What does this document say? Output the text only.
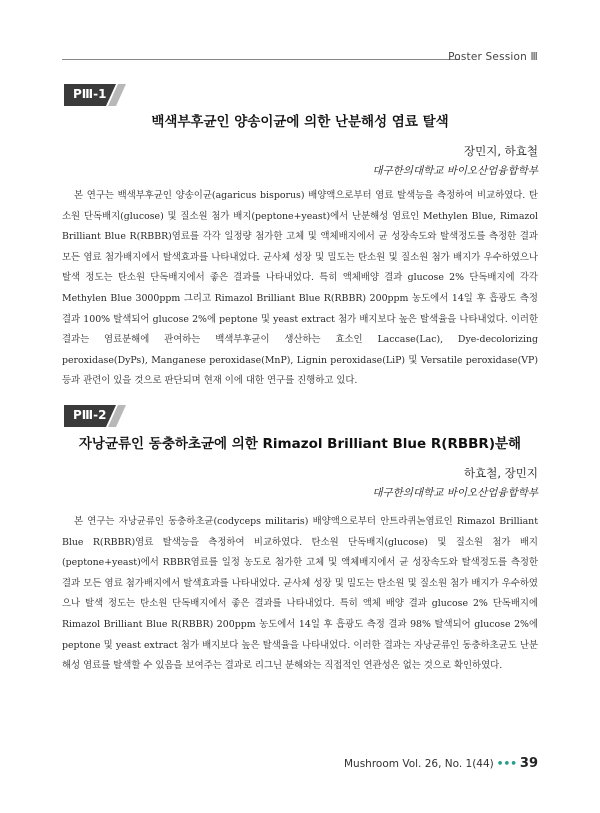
Poster Session Ⅲ
PⅢ-1
백색부후균인 양송이균에 의한 난분해성 염료 탈색
장민지, 하효철
대구한의대학교 바이오산업융합학부
본 연구는 백색부후균인 양송이균(agaricus bisporus) 배양액으로부터 염료 탈색능을 측정하여 비교하였다. 탄소원 단독배지(glucose) 및 질소원 첨가 배지(peptone+yeast)에서 난분해성 염료인 Methylen Blue, Rimazol Brilliant Blue R(RBBR)염료를 각각 일정량 첨가한 고체 및 액체배지에서 균 성장속도와 탈색정도를 측정한 결과 모든 염료 첨가배지에서 탈색효과를 나타내었다. 균사체 성장 및 밀도는 탄소원 및 질소원 첨가 배지가 우수하였으나 탈색 정도는 탄소원 단독배지에서 좋은 결과를 나타내었다. 특히 액체배양 결과 glucose 2% 단독배지에 각각 Methylen Blue 3000ppm 그리고 Rimazol Brilliant Blue R(RBBR) 200ppm 농도에서 14일 후 흡광도 측정 결과 100% 탈색되어 glucose 2%에 peptone 및 yeast extract 첨가 배지보다 높은 탈색율을 나타내었다. 이러한 결과는 염료분해에 관여하는 백색부후균이 생산하는 효소인 Laccase(Lac), Dye-decolorizing peroxidase(DyPs), Manganese peroxidase(MnP), Lignin peroxidase(LiP) 및 Versatile peroxidase(VP)등과 관련이 있을 것으로 판단되며 현재 이에 대한 연구를 진행하고 있다.
PⅢ-2
자낭균류인 동충하초균에 의한 Rimazol Brilliant Blue R(RBBR)분해
하효철, 장민지
대구한의대학교 바이오산업융합학부
본 연구는 자낭균류인 동충하초균(codyceps militaris) 배양액으로부터 안트라퀴논염료인 Rimazol Brilliant Blue R(RBBR)염료 탈색능을 측정하여 비교하였다. 탄소원 단독배지(glucose) 및 질소원 첨가 배지(peptone+yeast)에서 RBBR염료를 일정 농도로 첨가한 고체 및 액체배지에서 균 성장속도와 탈색정도를 측정한 결과 모든 염료 첨가배지에서 탈색효과를 나타내었다. 균사체 성장 및 밀도는 탄소원 및 질소원 첨가 배지가 우수하였으나 탈색 정도는 탄소원 단독배지에서 좋은 결과를 나타내었다. 특히 액체 배양 결과 glucose 2% 단독배지에 Rimazol Brilliant Blue R(RBBR) 200ppm 농도에서 14일 후 흡광도 측정 결과 98% 탈색되어 glucose 2%에 peptone 및 yeast extract 첨가 배지보다 높은 탈색율을 나타내었다. 이러한 결과는 자낭균류인 동충하초균도 난분해성 염료를 탈색할 수 있음을 보여주는 결과로 리그닌 분해와는 직접적인 연관성은 없는 것으로 확인하였다.
Mushroom Vol. 26, No. 1(44) ••• 39
